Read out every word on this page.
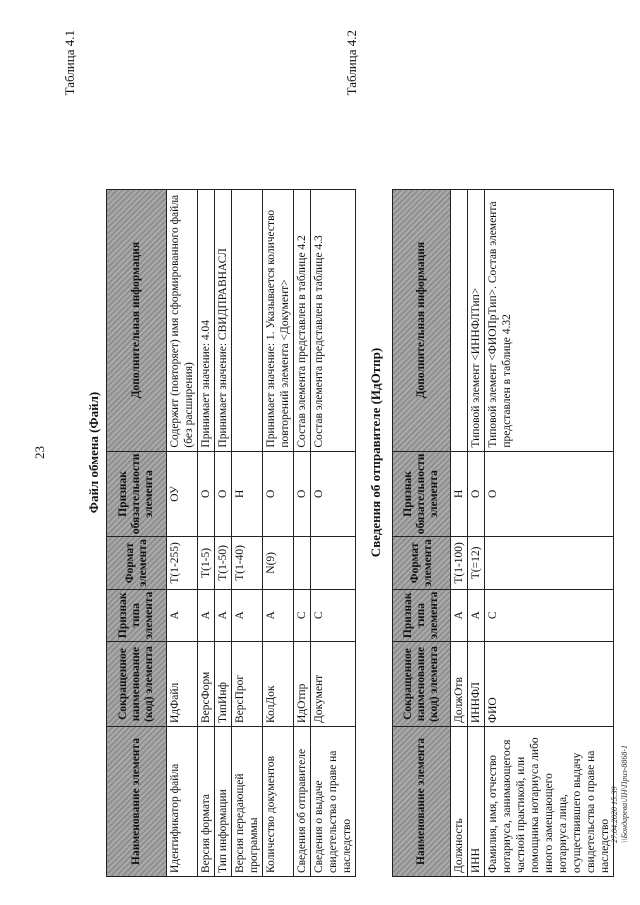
23
Таблица 4.1
Файл обмена (Файл)
Наименование элемента	Сокращенное наименование (код) элемента	Признак типа элемента	Формат элемента	Признак обязательности элемента	Дополнительная информация
Идентификатор файла	ИдФайл	А	T(1-255)	ОУ	Содержит (повторяет) имя сформированного файла (без расширения)
Версия формата	ВерсФорм	А	T(1-5)	О	Принимает значение: 4.04
Тип информации	ТипИнф	А	T(1-50)	О	Принимает значение: СВИДПРАВНАСЛ
Версия передающей программы	ВерсПрог	А	T(1-40)	Н	
Количество документов	КолДок	А	N(9)	О	Принимает значение: 1. Указывается количество повторений элемента <Документ>
Сведения об отправителе	ИдОтпр	С		О	Состав элемента представлен в таблице 4.2
Сведения о выдаче свидетельства о праве на наследство	Документ	С		О	Состав элемента представлен в таблице 4.3
Таблица 4.2
Сведения об отправителе (ИдОтпр)
Наименование элемента	Сокращенное наименование (код) элемента	Признак типа элемента	Формат элемента	Признак обязательности элемента	Дополнительная информация
Должность	ДолжОтв	А	T(1-100)	Н	
ИНН	ИННФЛ	А	T(=12)	О	Типовой элемент <ИННФЛТип>
Фамилия, имя, отчество нотариуса, занимающегося частной практикой, или помощника нотариуса либо иного замещающего нотариуса лица, осуществившего выдачу свидетельства о праве на наследство	ФИО	С		О	Типовой элемент <ФИОПрТип>. Состав элемента представлен в таблице 4.32
27.04.2020 15:39 \\Бондарева\ЛН\Приз-8868-1
